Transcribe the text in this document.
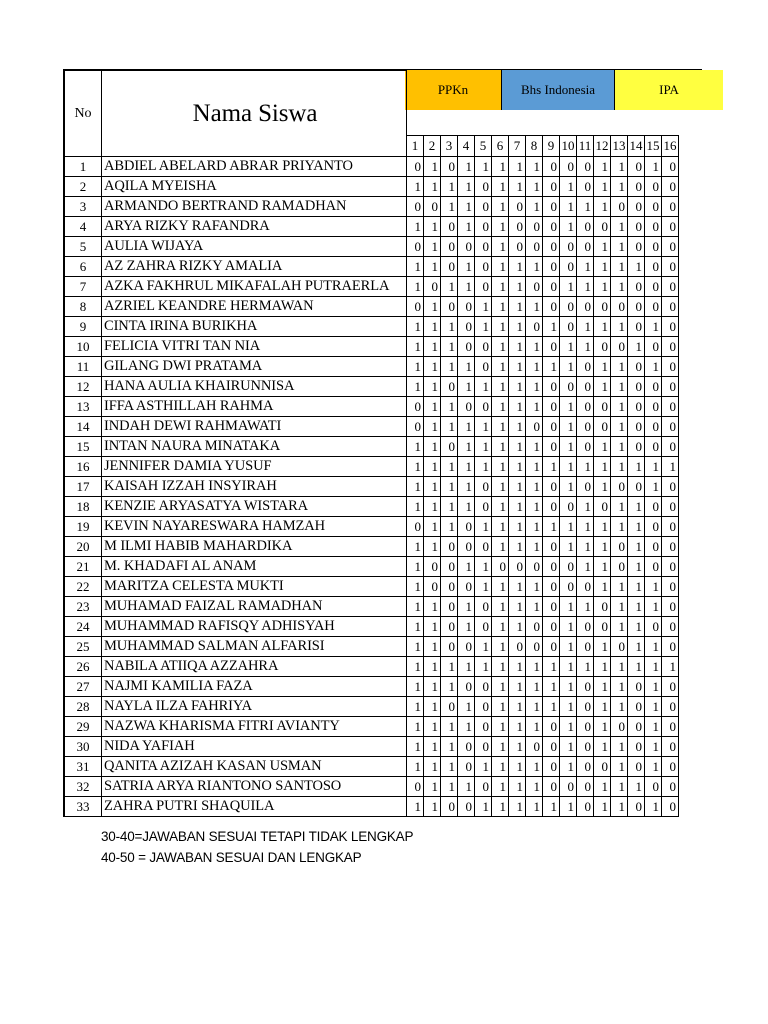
PPKn	Bhs Indonesia	IPA
No	Nama Siswa																
		1	2	3	4	5	6	7	8	9	10	11	12	13	14	15	16
1	ABDIEL ABELARD ABRAR PRIYANTO	0	1	0	1	1	1	1	1	0	0	0	1	1	0	1	0
2	AQILA MYEISHA	1	1	1	1	0	1	1	1	0	1	0	1	1	0	0	0
3	ARMANDO BERTRAND RAMADHAN	0	0	1	1	0	1	0	1	0	1	1	1	0	0	0	0
4	ARYA RIZKY RAFANDRA	1	1	0	1	0	1	0	0	0	1	0	0	1	0	0	0
5	AULIA WIJAYA	0	1	0	0	0	1	0	0	0	0	0	1	1	0	0	0
6	AZ ZAHRA RIZKY AMALIA	1	1	0	1	0	1	1	1	0	0	1	1	1	1	0	0
7	AZKA FAKHRUL MIKAFALAH PUTRAERLA	1	0	1	1	0	1	1	0	0	1	1	1	1	0	0	0
8	AZRIEL KEANDRE HERMAWAN	0	1	0	0	1	1	1	1	0	0	0	0	0	0	0	0
9	CINTA IRINA BURIKHA	1	1	1	0	1	1	1	0	1	0	1	1	1	0	1	0
10	FELICIA VITRI TAN NIA	1	1	1	0	0	1	1	1	0	1	1	0	0	1	0	0
11	GILANG DWI PRATAMA	1	1	1	1	0	1	1	1	1	1	0	1	1	0	1	0
12	HANA AULIA KHAIRUNNISA	1	1	0	1	1	1	1	1	0	0	0	1	1	0	0	0
13	IFFA ASTHILLAH RAHMA	0	1	1	0	0	1	1	1	0	1	0	0	1	0	0	0
14	INDAH DEWI RAHMAWATI	0	1	1	1	1	1	1	0	0	1	0	0	1	0	0	0
15	INTAN NAURA MINATAKA	1	1	0	1	1	1	1	1	0	1	0	1	1	0	0	0
16	JENNIFER DAMIA YUSUF	1	1	1	1	1	1	1	1	1	1	1	1	1	1	1	1
17	KAISAH IZZAH INSYIRAH	1	1	1	1	0	1	1	1	0	1	0	1	0	0	1	0
18	KENZIE ARYASATYA WISTARA	1	1	1	1	0	1	1	1	0	0	1	0	1	1	0	0
19	KEVIN NAYARESWARA HAMZAH	0	1	1	0	1	1	1	1	1	1	1	1	1	1	0	0
20	M ILMI HABIB MAHARDIKA	1	1	0	0	0	1	1	1	0	1	1	1	0	1	0	0
21	M. KHADAFI AL ANAM	1	0	0	1	1	0	0	0	0	0	1	1	0	1	0	0
22	MARITZA CELESTA MUKTI	1	0	0	0	1	1	1	1	0	0	0	1	1	1	1	0
23	MUHAMAD FAIZAL RAMADHAN	1	1	0	1	0	1	1	1	0	1	1	0	1	1	1	0
24	MUHAMMAD RAFISQY ADHISYAH	1	1	0	1	0	1	1	0	0	1	0	0	1	1	0	0
25	MUHAMMAD SALMAN ALFARISI	1	1	0	0	1	1	0	0	0	1	0	1	0	1	1	0
26	NABILA ATIIQA AZZAHRA	1	1	1	1	1	1	1	1	1	1	1	1	1	1	1	1
27	NAJMI KAMILIA FAZA	1	1	1	0	0	1	1	1	1	1	0	1	1	0	1	0
28	NAYLA ILZA FAHRIYA	1	1	0	1	0	1	1	1	1	1	0	1	1	0	1	0
29	NAZWA KHARISMA FITRI AVIANTY	1	1	1	1	0	1	1	1	0	1	0	1	0	0	1	0
30	NIDA YAFIAH	1	1	1	0	0	1	1	0	0	1	0	1	1	0	1	0
31	QANITA AZIZAH KASAN USMAN	1	1	1	0	1	1	1	1	0	1	0	0	1	0	1	0
32	SATRIA ARYA RIANTONO SANTOSO	0	1	1	1	0	1	1	1	0	0	0	1	1	1	0	0
33	ZAHRA PUTRI SHAQUILA	1	1	0	0	1	1	1	1	1	1	0	1	1	0	1	0
30-40=JAWABAN SESUAI TETAPI TIDAK LENGKAP
40-50 = JAWABAN SESUAI DAN LENGKAP
